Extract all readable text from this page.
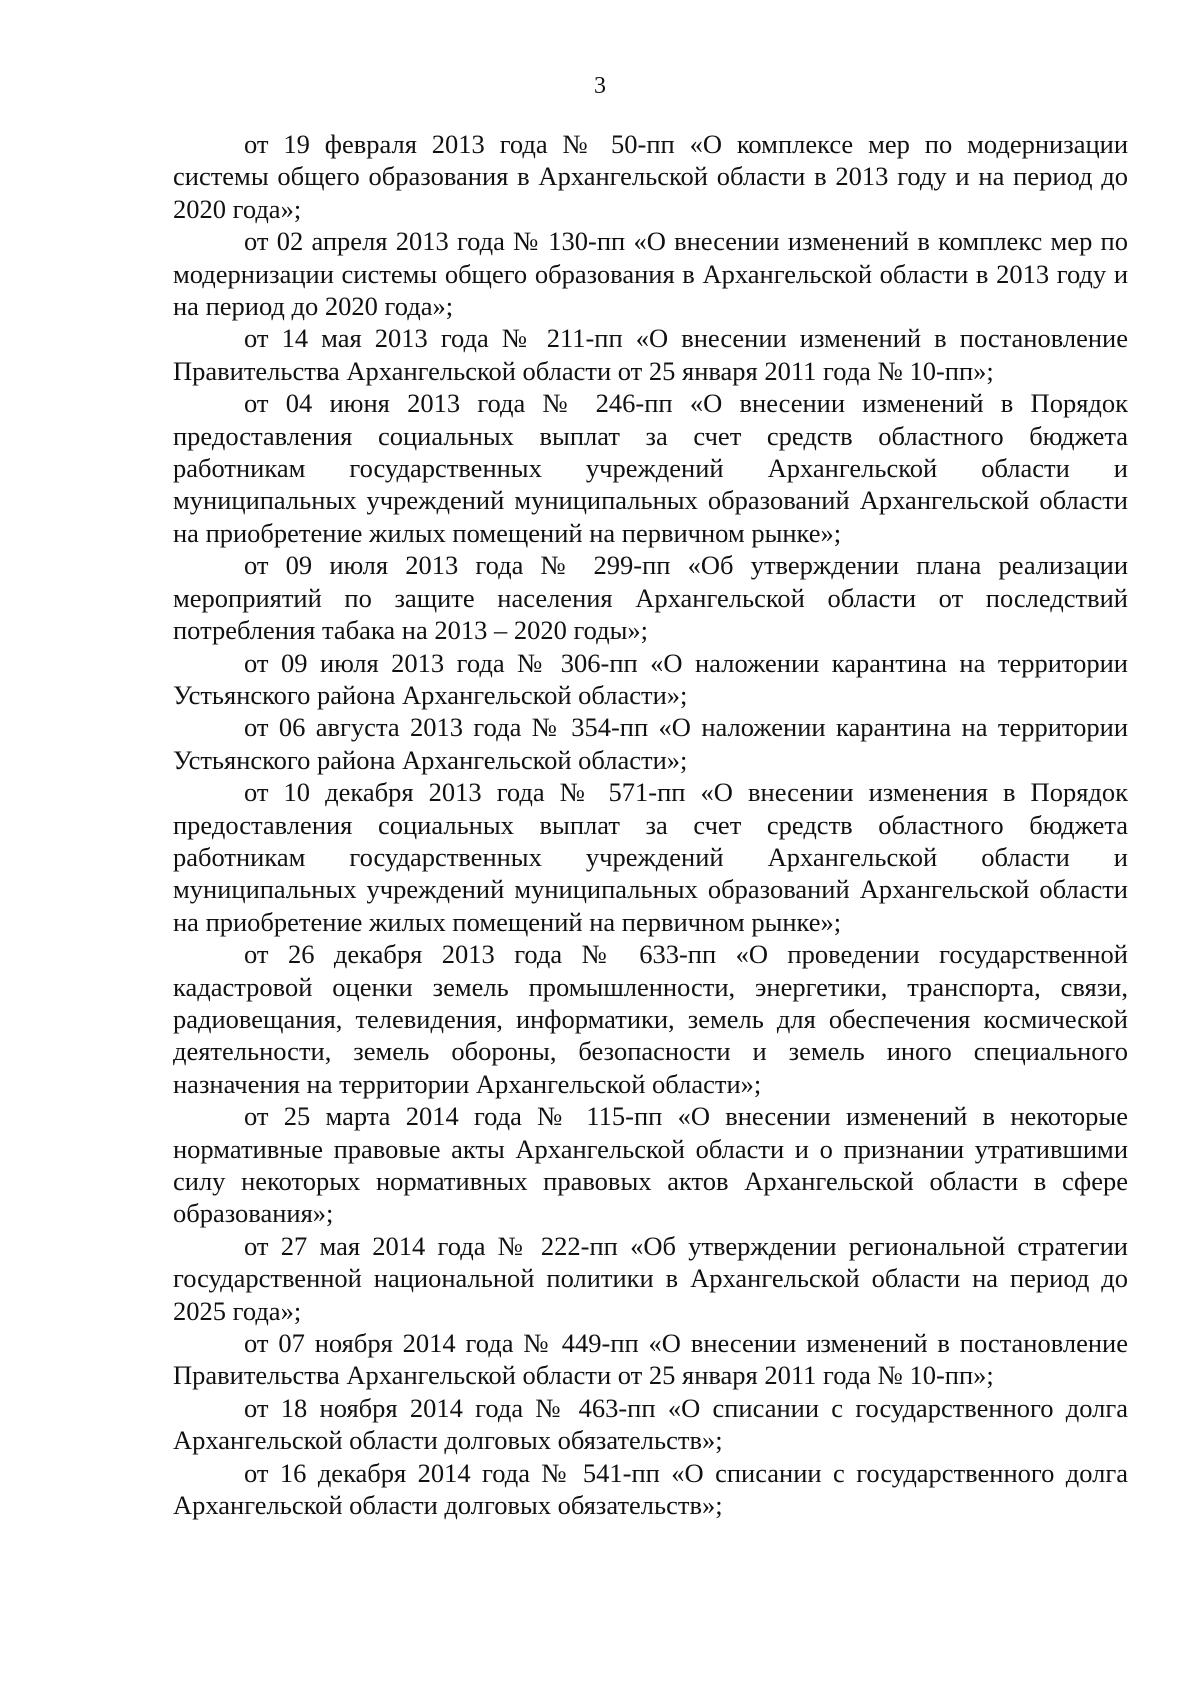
3

от 19 февраля 2013 года № 50-пп «О комплексе мер по модернизации системы общего образования в Архангельской области в 2013 году и на период до 2020 года»;

от 02 апреля 2013 года № 130-пп «О внесении изменений в комплекс мер по модернизации системы общего образования в Архангельской области в 2013 году и на период до 2020 года»;

от 14 мая 2013 года № 211-пп «О внесении изменений в постановление Правительства Архангельской области от 25 января 2011 года № 10-пп»;

от 04 июня 2013 года № 246-пп «О внесении изменений в Порядок предоставления социальных выплат за счет средств областного бюджета работникам государственных учреждений Архангельской области и муниципальных учреждений муниципальных образований Архангельской области на приобретение жилых помещений на первичном рынке»;

от 09 июля 2013 года № 299-пп «Об утверждении плана реализации мероприятий по защите населения Архангельской области от последствий потребления табака на 2013 – 2020 годы»;

от 09 июля 2013 года № 306-пп «О наложении карантина на территории Устьянского района Архангельской области»;

от 06 августа 2013 года № 354-пп «О наложении карантина на территории Устьянского района Архангельской области»;

от 10 декабря 2013 года № 571-пп «О внесении изменения в Порядок предоставления социальных выплат за счет средств областного бюджета работникам государственных учреждений Архангельской области и муниципальных учреждений муниципальных образований Архангельской области на приобретение жилых помещений на первичном рынке»;

от 26 декабря 2013 года № 633-пп «О проведении государственной кадастровой оценки земель промышленности, энергетики, транспорта, связи, радиовещания, телевидения, информатики, земель для обеспечения космической деятельности, земель обороны, безопасности и земель иного специального назначения на территории Архангельской области»;

от 25 марта 2014 года № 115-пп «О внесении изменений в некоторые нормативные правовые акты Архангельской области и о признании утратившими силу некоторых нормативных правовых актов Архангельской области в сфере образования»;

от 27 мая 2014 года № 222-пп «Об утверждении региональной стратегии государственной национальной политики в Архангельской области на период до 2025 года»;

от 07 ноября 2014 года № 449-пп «О внесении изменений в постановление Правительства Архангельской области от 25 января 2011 года № 10-пп»;

от 18 ноября 2014 года № 463-пп «О списании с государственного долга Архангельской области долговых обязательств»;

от 16 декабря 2014 года № 541-пп «О списании с государственного долга Архангельской области долговых обязательств»;
